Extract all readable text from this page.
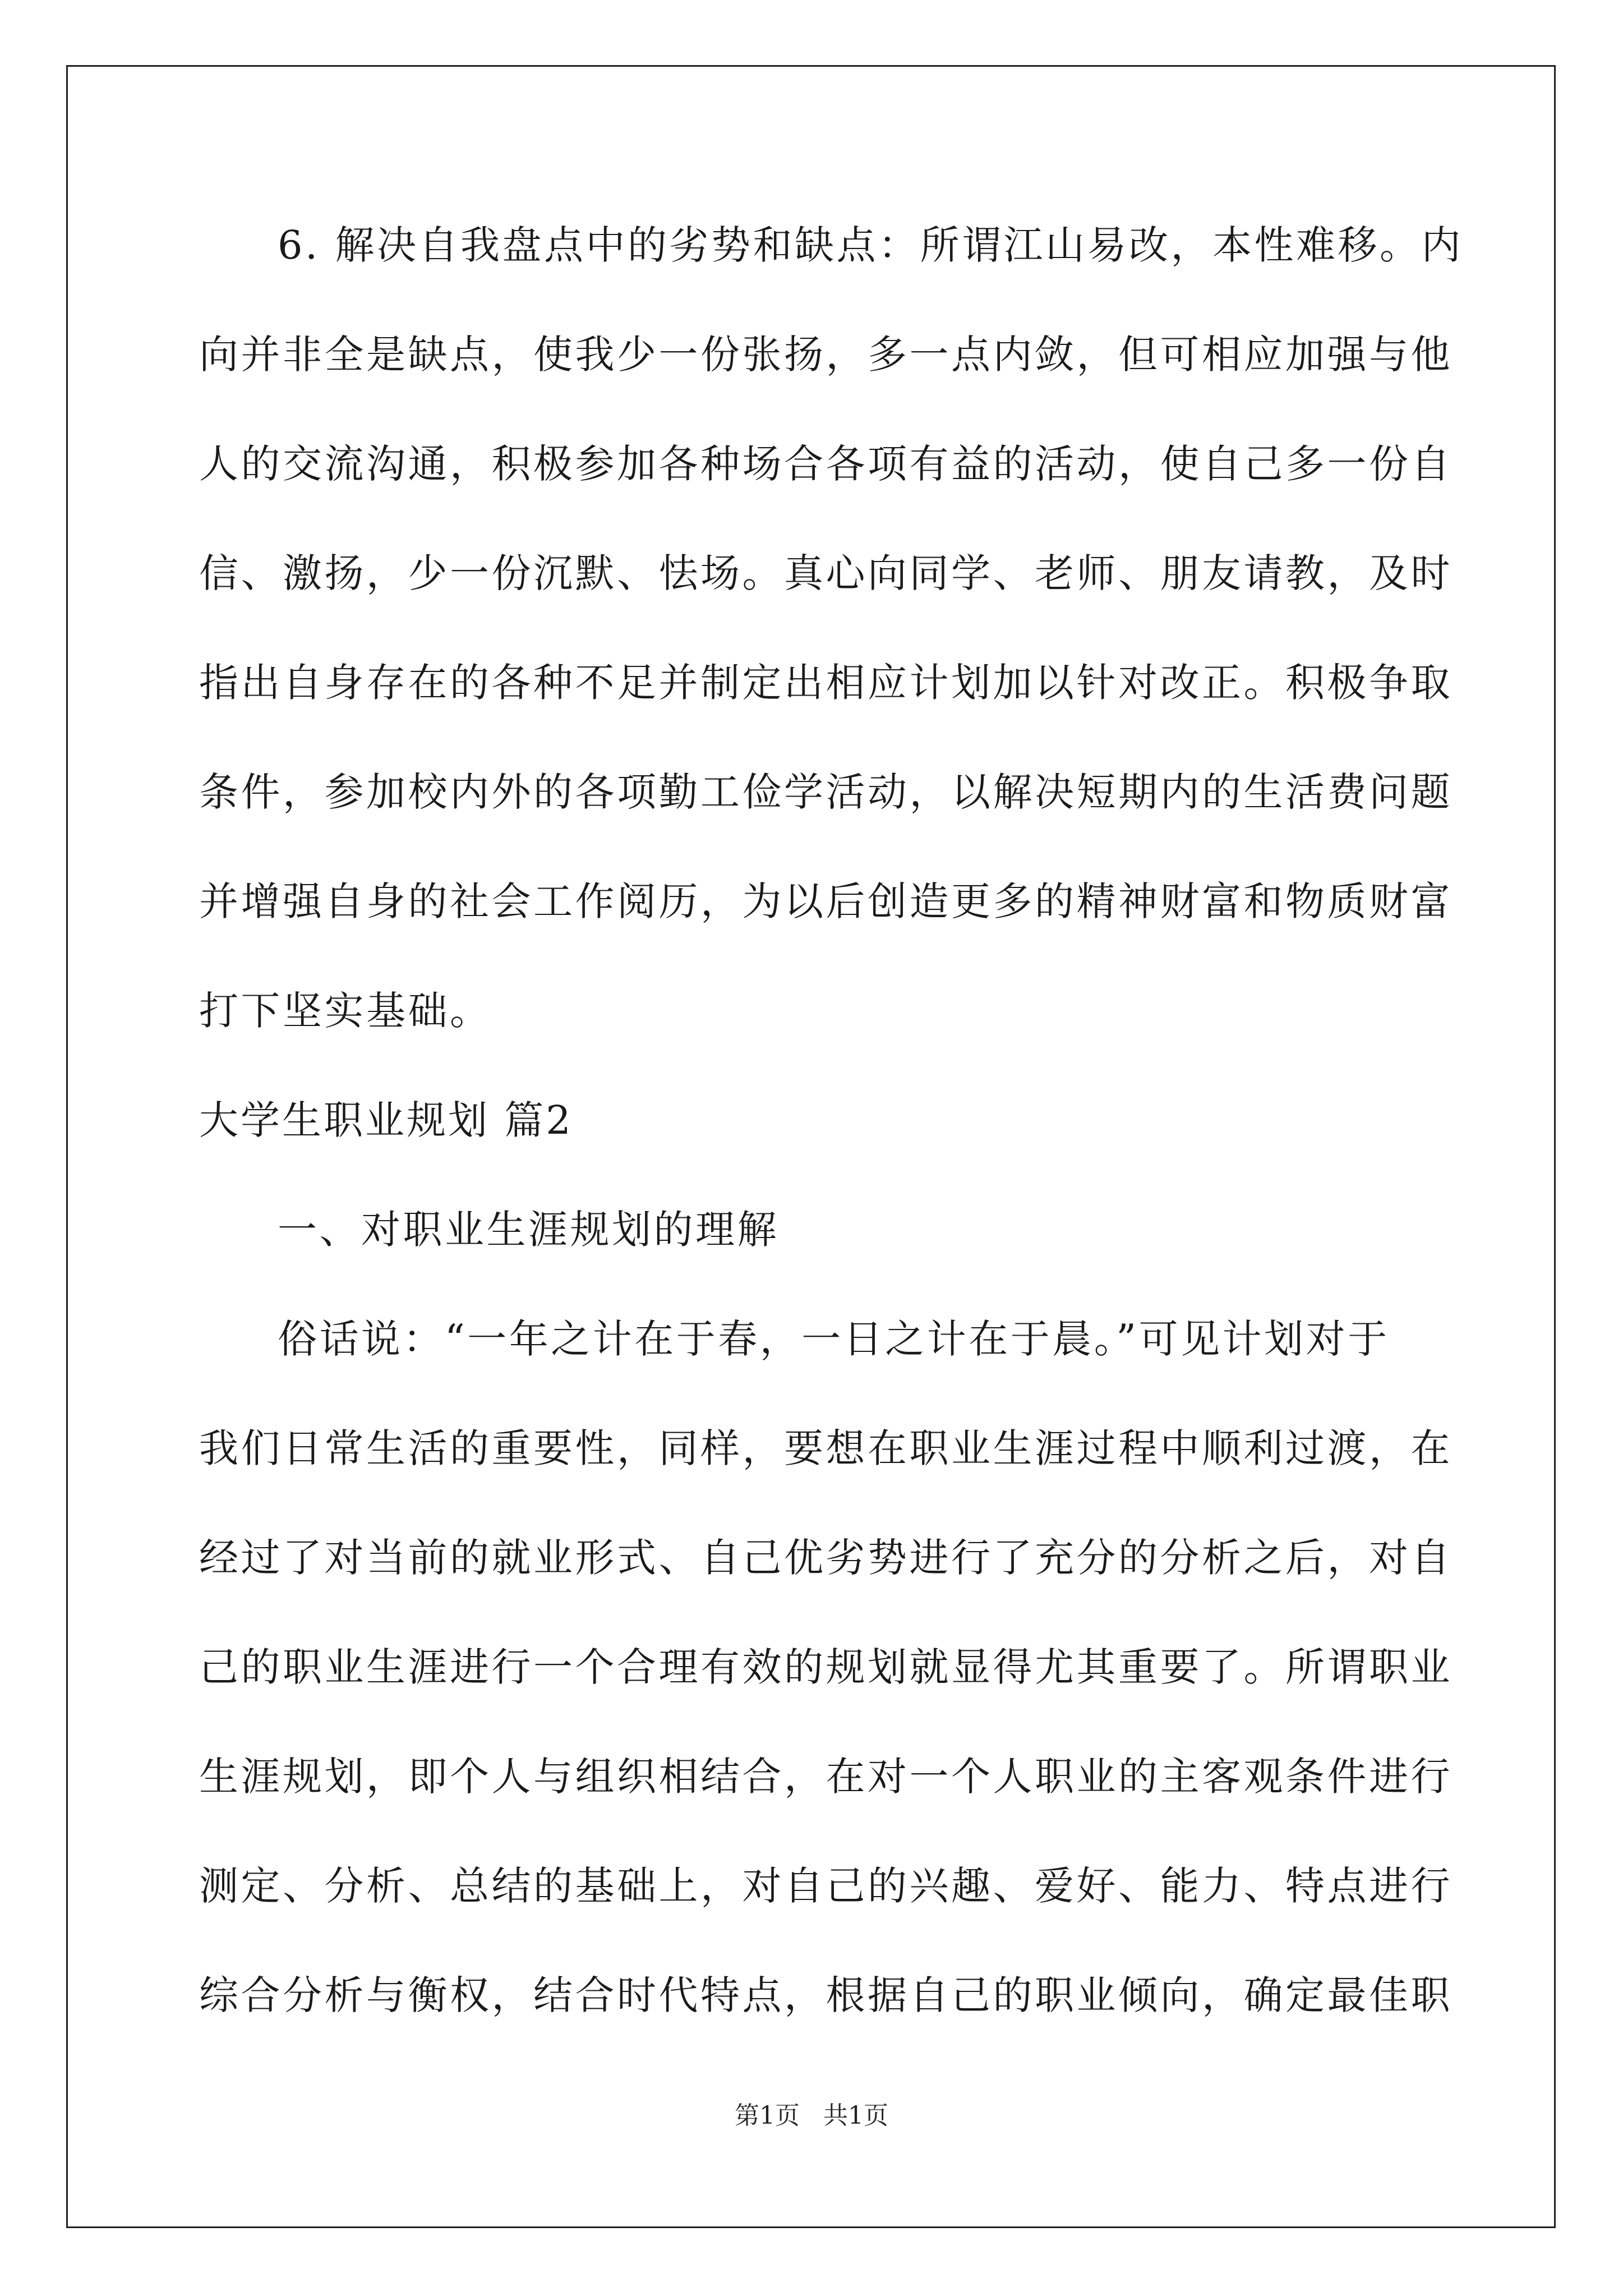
6. 解决自我盘点中的劣势和缺点：所谓江山易改，本性难移。内
向并非全是缺点，使我少一份张扬，多一点内敛，但可相应加强与他
人的交流沟通，积极参加各种场合各项有益的活动，使自己多一份自
信、激扬，少一份沉默、怯场。真心向同学、老师、朋友请教，及时
指出自身存在的各种不足并制定出相应计划加以针对改正。积极争取
条件，参加校内外的各项勤工俭学活动，以解决短期内的生活费问题
并增强自身的社会工作阅历，为以后创造更多的精神财富和物质财富
打下坚实基础。
大学生职业规划 篇2
一、对职业生涯规划的理解
俗话说：“一年之计在于春，一日之计在于晨。”可见计划对于
我们日常生活的重要性，同样，要想在职业生涯过程中顺利过渡，在
经过了对当前的就业形式、自己优劣势进行了充分的分析之后，对自
己的职业生涯进行一个合理有效的规划就显得尤其重要了。所谓职业
生涯规划，即个人与组织相结合，在对一个人职业的主客观条件进行
测定、分析、总结的基础上，对自己的兴趣、爱好、能力、特点进行
综合分析与衡权，结合时代特点，根据自己的职业倾向，确定最佳职
第1页   共1页
